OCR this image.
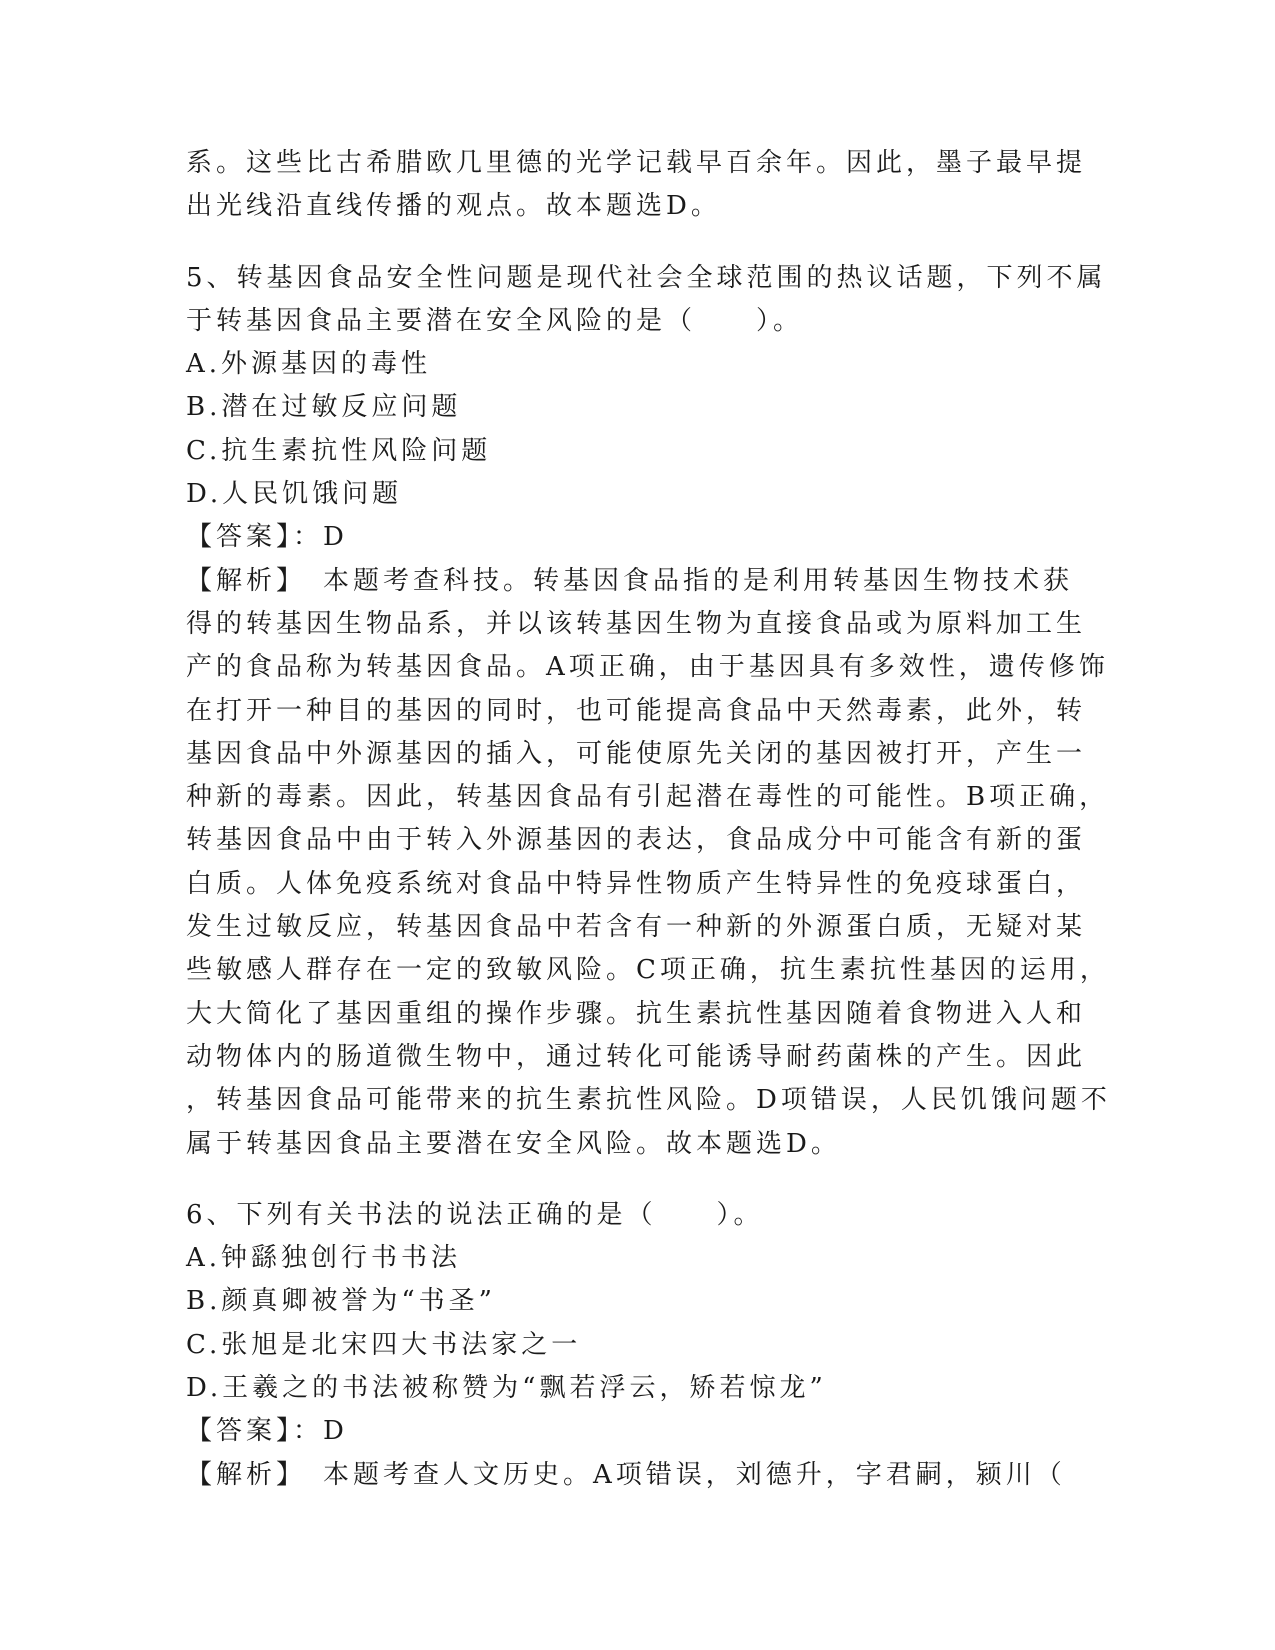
系。这些比古希腊欧几里德的光学记载早百余年。因此，墨子最早提
出光线沿直线传播的观点。故本题选D。
5、转基因食品安全性问题是现代社会全球范围的热议话题，下列不属
于转基因食品主要潜在安全风险的是（　　）。
A.外源基因的毒性
B.潜在过敏反应问题
C.抗生素抗性风险问题
D.人民饥饿问题
【答案】：D
【解析】　本题考查科技。转基因食品指的是利用转基因生物技术获
得的转基因生物品系，并以该转基因生物为直接食品或为原料加工生
产的食品称为转基因食品。A项正确，由于基因具有多效性，遗传修饰
在打开一种目的基因的同时，也可能提高食品中天然毒素，此外，转
基因食品中外源基因的插入，可能使原先关闭的基因被打开，产生一
种新的毒素。因此，转基因食品有引起潜在毒性的可能性。B项正确，
转基因食品中由于转入外源基因的表达，食品成分中可能含有新的蛋
白质。人体免疫系统对食品中特异性物质产生特异性的免疫球蛋白，
发生过敏反应，转基因食品中若含有一种新的外源蛋白质，无疑对某
些敏感人群存在一定的致敏风险。C项正确，抗生素抗性基因的运用，
大大简化了基因重组的操作步骤。抗生素抗性基因随着食物进入人和
动物体内的肠道微生物中，通过转化可能诱导耐药菌株的产生。因此
，转基因食品可能带来的抗生素抗性风险。D项错误，人民饥饿问题不
属于转基因食品主要潜在安全风险。故本题选D。
6、下列有关书法的说法正确的是（　　）。
A.钟繇独创行书书法
B.颜真卿被誉为“书圣”
C.张旭是北宋四大书法家之一
D.王羲之的书法被称赞为“飘若浮云，矫若惊龙”
【答案】：D
【解析】　本题考查人文历史。A项错误，刘德升，字君嗣，颍川（
